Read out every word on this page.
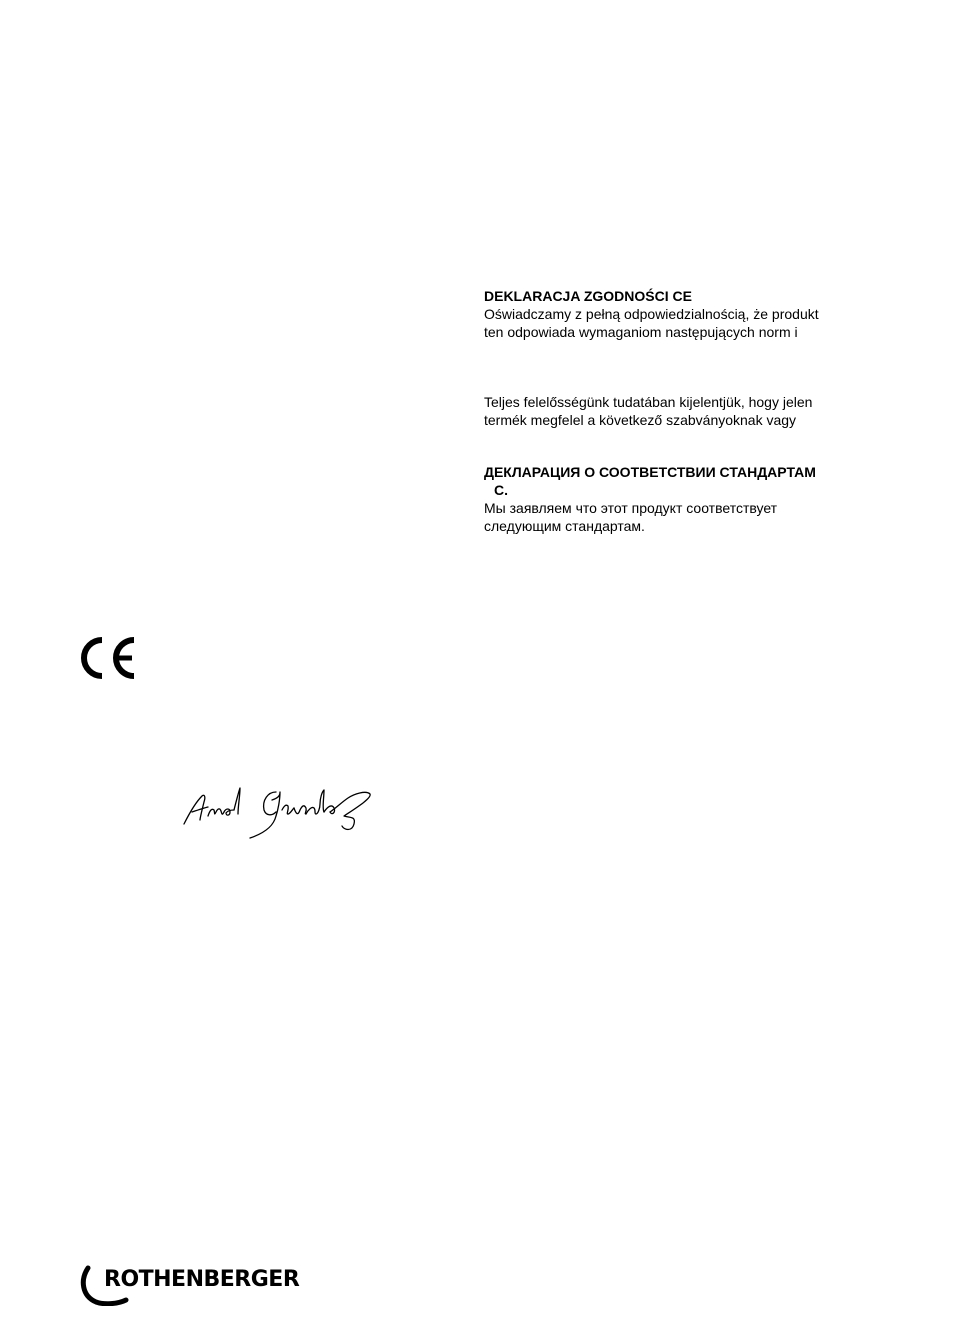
DEKLARACJA ZGODNOŚCI CE

Oświadczamy z pełną odpowiedzialnością, że produkt

ten odpowiada wymaganiom następujących norm i

Teljes felelősségünk tudatában kijelentjük, hogy jelen

termék megfelel a következő szabványoknak vagy

ДЕКЛАРАЦИЯ О СООТВЕТСТВИИ СТАНДАРТАМ

С.

Мы заявляем что этот продукт соответствует

следующим стандартам.

ROTHENBERGER
